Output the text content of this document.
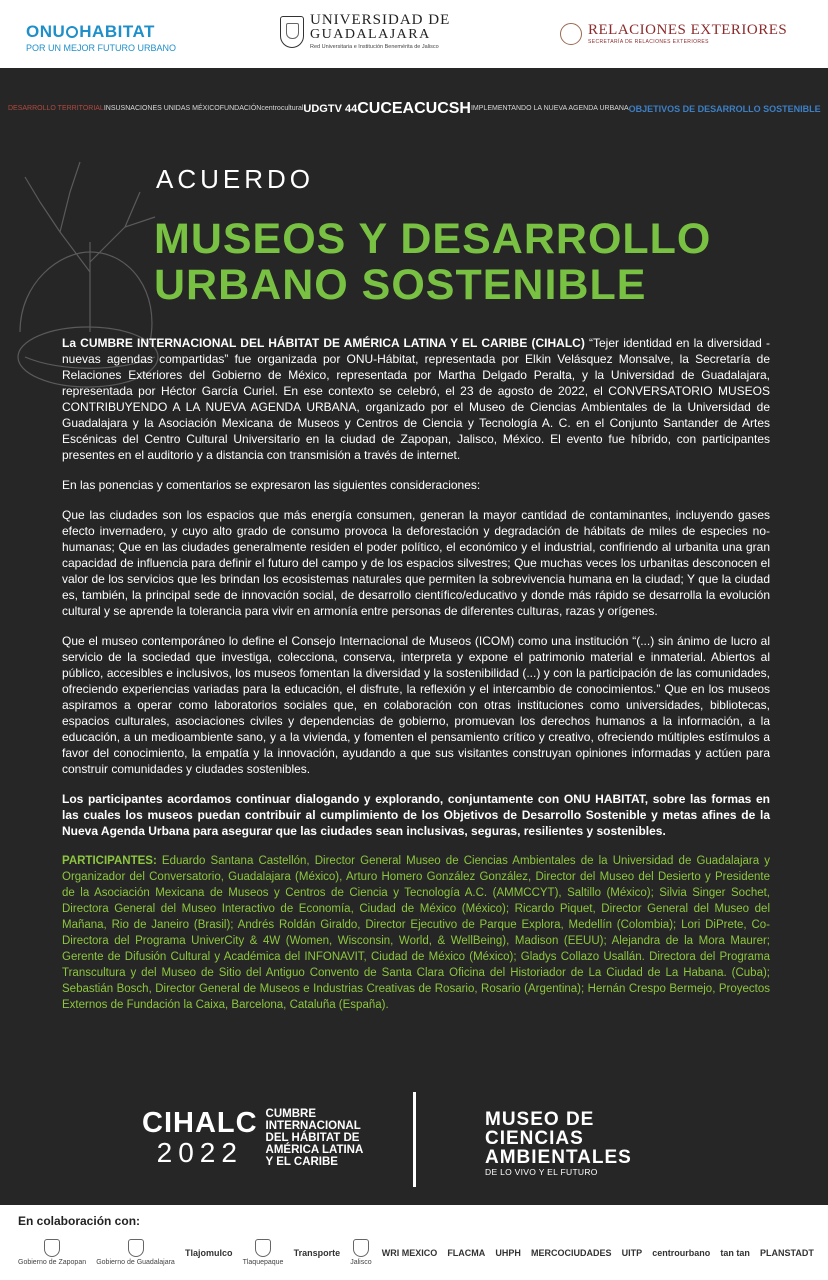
ONU HABITAT
POR UN MEJOR FUTURO URBANO
UNIVERSIDAD DE
GUADALAJARA
Red Universitaria e Institución Benemérita de Jalisco
RELACIONES EXTERIORES
SECRETARÍA DE RELACIONES EXTERIORES
DESARROLLO TERRITORIAL INSUS NACIONES UNIDAS MÉXICO FUNDACIÓN centrocultural UDGTV 44 CUCEA CUCSH IMPLEMENTANDO LA NUEVA AGENDA URBANA OBJETIVOS DE DESARROLLO SOSTENIBLE
ACUERDO
MUSEOS Y DESARROLLO
URBANO SOSTENIBLE

La CUMBRE INTERNACIONAL DEL HÁBITAT DE AMÉRICA LATINA Y EL CARIBE (CIHALC) “Tejer identidad en la diversidad - nuevas agendas compartidas” fue organizada por ONU-Hábitat, representada por Elkin Velásquez Monsalve, la Secretaría de Relaciones Exteriores del Gobierno de México, representada por Martha Delgado Peralta, y la Universidad de Guadalajara, representada por Héctor García Curiel. En ese contexto se celebró, el 23 de agosto de 2022, el CONVERSATORIO MUSEOS CONTRIBUYENDO A LA NUEVA AGENDA URBANA, organizado por el Museo de Ciencias Ambientales de la Universidad de Guadalajara y la Asociación Mexicana de Museos y Centros de Ciencia y Tecnología A. C. en el Conjunto Santander de Artes Escénicas del Centro Cultural Universitario en la ciudad de Zapopan, Jalisco, México. El evento fue híbrido, con participantes presentes en el auditorio y a distancia con transmisión a través de internet.

En las ponencias y comentarios se expresaron las siguientes consideraciones:

Que las ciudades son los espacios que más energía consumen, generan la mayor cantidad de contaminantes, incluyendo gases efecto invernadero, y cuyo alto grado de consumo provoca la deforestación y degradación de hábitats de miles de especies no-humanas; Que en las ciudades generalmente residen el poder político, el económico y el industrial, confiriendo al urbanita una gran capacidad de influencia para definir el futuro del campo y de los espacios silvestres; Que muchas veces los urbanitas desconocen el valor de los servicios que les brindan los ecosistemas naturales que permiten la sobrevivencia humana en la ciudad; Y que la ciudad es, también, la principal sede de innovación social, de desarrollo científico/educativo y donde más rápido se desarrolla la evolución cultural y se aprende la tolerancia para vivir en armonía entre personas de diferentes culturas, razas y orígenes.

Que el museo contemporáneo lo define el Consejo Internacional de Museos (ICOM) como una institución “(...) sin ánimo de lucro al servicio de la sociedad que investiga, colecciona, conserva, interpreta y expone el patrimonio material e inmaterial. Abiertos al público, accesibles e inclusivos, los museos fomentan la diversidad y la sostenibilidad (...) y con la participación de las comunidades, ofreciendo experiencias variadas para la educación, el disfrute, la reflexión y el intercambio de conocimientos.” Que en los museos aspiramos a operar como laboratorios sociales que, en colaboración con otras instituciones como universidades, bibliotecas, espacios culturales, asociaciones civiles y dependencias de gobierno, promuevan los derechos humanos a la información, a la educación, a un medioambiente sano, y a la vivienda, y fomenten el pensamiento crítico y creativo, ofreciendo múltiples estímulos a favor del conocimiento, la empatía y la innovación, ayudando a que sus visitantes construyan opiniones informadas y actúen para construir comunidades y ciudades sostenibles.

Los participantes acordamos continuar dialogando y explorando, conjuntamente con ONU HABITAT, sobre las formas en las cuales los museos puedan contribuir al cumplimiento de los Objetivos de Desarrollo Sostenible y metas afines de la Nueva Agenda Urbana para asegurar que las ciudades sean inclusivas, seguras, resilientes y sostenibles.

PARTICIPANTES: Eduardo Santana Castellón, Director General Museo de Ciencias Ambientales de la Universidad de Guadalajara y Organizador del Conversatorio, Guadalajara (México), Arturo Homero González González, Director del Museo del Desierto y Presidente de la Asociación Mexicana de Museos y Centros de Ciencia y Tecnología A.C. (AMMCCYT), Saltillo (México); Silvia Singer Sochet, Directora General del Museo Interactivo de Economía, Ciudad de México (México); Ricardo Piquet, Director General del Museo del Mañana, Rio de Janeiro (Brasil); Andrés Roldán Giraldo, Director Ejecutivo de Parque Explora, Medellín (Colombia); Lori DiPrete, Co-Directora del Programa UniverCity & 4W (Women, Wisconsin, World, & WellBeing), Madison (EEUU); Alejandra de la Mora Maurer; Gerente de Difusión Cultural y Académica del INFONAVIT, Ciudad de México (México); Gladys Collazo Usallán. Directora del Programa Transcultura y del Museo de Sitio del Antiguo Convento de Santa Clara Oficina del Historiador de La Ciudad de La Habana. (Cuba); Sebastián Bosch, Director General de Museos e Industrias Creativas de Rosario, Rosario (Argentina); Hernán Crespo Bermejo, Proyectos Externos de Fundación la Caixa, Barcelona, Cataluña (España).

CIHALC
2022
CUMBRE
INTERNACIONAL
DEL HÁBITAT DE
AMÉRICA LATINA
Y EL CARIBE
MUSEO DE
CIENCIAS
AMBIENTALES
DE LO VIVO Y EL FUTURO
En colaboración con:
Gobierno de Zapopan Gobierno de Guadalajara
Tlajomulco
Tlaquepaque
Transporte
Jalisco
WRI MEXICO FLACMA UHPH MERCOCIUDADES UITP centrourbano tan tan PLANSTADT
